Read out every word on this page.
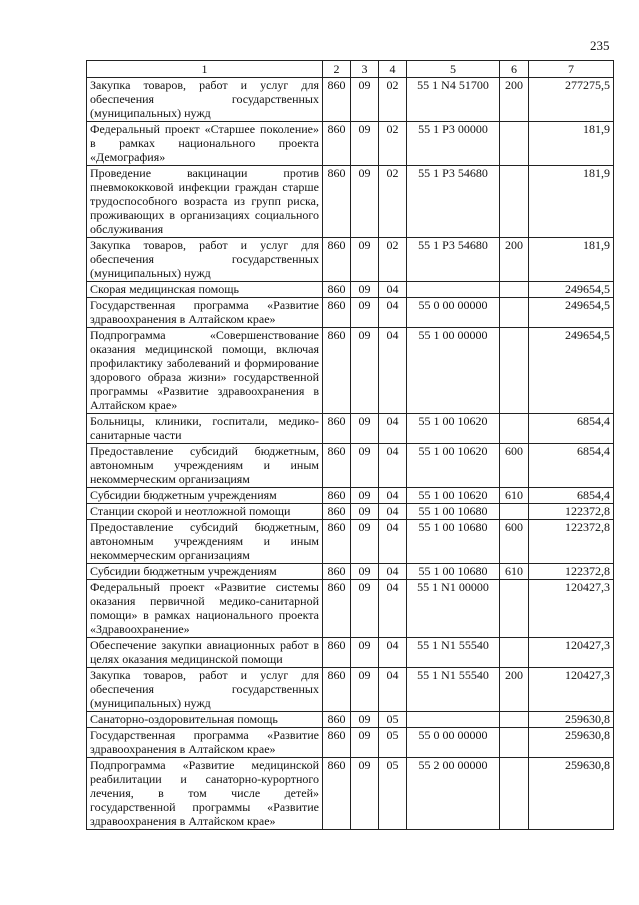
235
1	2	3	4	5	6	7
Закупка товаров, работ и услуг для обеспечения государственных (муниципальных) нужд	860	09	02	55 1 N4 51700	200	277275,5
Федеральный проект «Старшее поколение» в рамках национального проекта «Демография»	860	09	02	55 1 P3 00000		181,9
Проведение вакцинации против пневмококковой инфекции граждан старше трудоспособного возраста из групп риска, проживающих в организациях социального обслуживания	860	09	02	55 1 P3 54680		181,9
Закупка товаров, работ и услуг для обеспечения государственных (муниципальных) нужд	860	09	02	55 1 P3 54680	200	181,9
Скорая медицинская помощь	860	09	04			249654,5
Государственная программа «Развитие здравоохранения в Алтайском крае»	860	09	04	55 0 00 00000		249654,5
Подпрограмма «Совершенствование оказания медицинской помощи, включая профилактику заболеваний и формирование здорового образа жизни» государственной программы «Развитие здравоохранения в Алтайском крае»	860	09	04	55 1 00 00000		249654,5
Больницы, клиники, госпитали, медико-санитарные части	860	09	04	55 1 00 10620		6854,4
Предоставление субсидий бюджетным, автономным учреждениям и иным некоммерческим организациям	860	09	04	55 1 00 10620	600	6854,4
Субсидии бюджетным учреждениям	860	09	04	55 1 00 10620	610	6854,4
Станции скорой и неотложной помощи	860	09	04	55 1 00 10680		122372,8
Предоставление субсидий бюджетным, автономным учреждениям и иным некоммерческим организациям	860	09	04	55 1 00 10680	600	122372,8
Субсидии бюджетным учреждениям	860	09	04	55 1 00 10680	610	122372,8
Федеральный проект «Развитие системы оказания первичной медико-санитарной помощи» в рамках национального проекта «Здравоохранение»	860	09	04	55 1 N1 00000		120427,3
Обеспечение закупки авиационных работ в целях оказания медицинской помощи	860	09	04	55 1 N1 55540		120427,3
Закупка товаров, работ и услуг для обеспечения государственных (муниципальных) нужд	860	09	04	55 1 N1 55540	200	120427,3
Санаторно-оздоровительная помощь	860	09	05			259630,8
Государственная программа «Развитие здравоохранения в Алтайском крае»	860	09	05	55 0 00 00000		259630,8
Подпрограмма «Развитие медицинской реабилитации и санаторно-курортного лечения, в том числе детей» государственной программы «Развитие здравоохранения в Алтайском крае»	860	09	05	55 2 00 00000		259630,8
